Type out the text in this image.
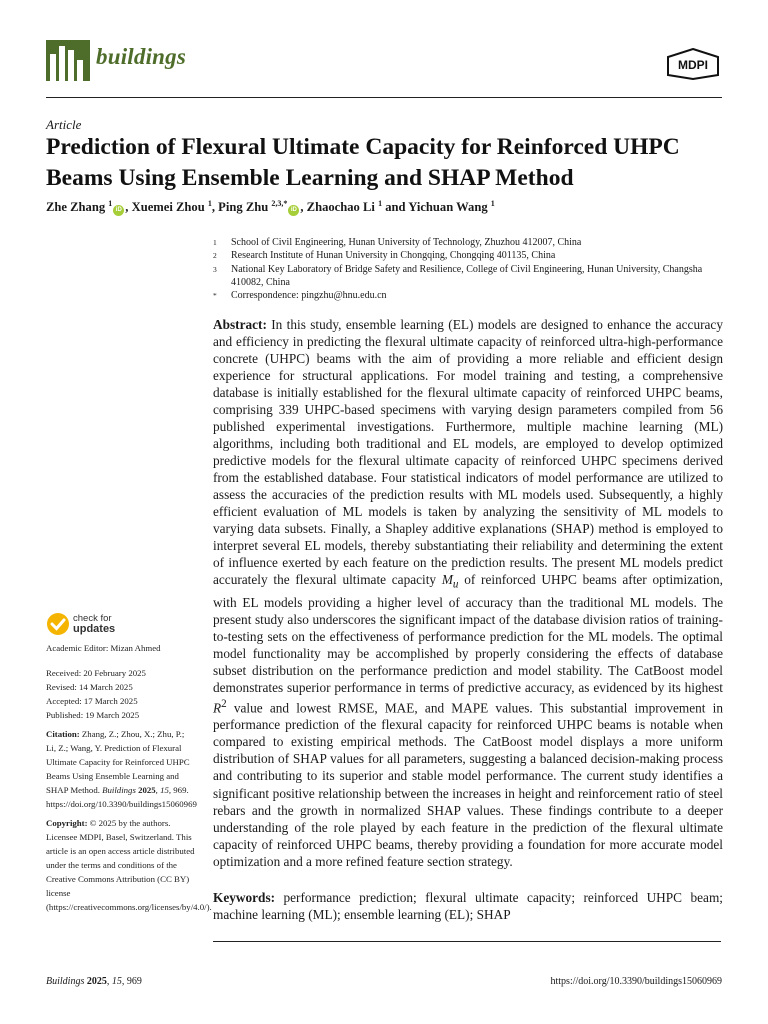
buildings	MDPI
Article
Prediction of Flexural Ultimate Capacity for Reinforced UHPC Beams Using Ensemble Learning and SHAP Method
Zhe Zhang $^1$iD , Xuemei Zhou $^1$, Ping Zhu $^{2,3,*}$iD , Zhaochao Li $^1$ and Yichuan Wang $^1$
1	School of Civil Engineering, Hunan University of Technology, Zhuzhou 412007, China
2	Research Institute of Hunan University in Chongqing, Chongqing 401135, China
3	National Key Laboratory of Bridge Safety and Resilience, College of Civil Engineering, Hunan University, Changsha 410082, China
*	Correspondence: pingzhu@hnu.edu.cn

Abstract: In this study, ensemble learning (EL) models are designed to enhance the accuracy and efficiency in predicting the flexural ultimate capacity of reinforced ultra-high-performance concrete (UHPC) beams with the aim of providing a more reliable and efficient design experience for structural applications. For model training and testing, a comprehensive database is initially established for the flexural ultimate capacity of reinforced UHPC beams, comprising 339 UHPC-based specimens with varying design parameters compiled from 56 published experimental investigations. Furthermore, multiple machine learning (ML) algorithms, including both traditional and EL models, are employed to develop optimized predictive models for the flexural ultimate capacity of reinforced UHPC specimens derived from the established database. Four statistical indicators of model performance are utilized to assess the accuracies of the prediction results with ML models used. Subsequently, a highly efficient evaluation of ML models is taken by analyzing the sensitivity of ML models to varying data subsets. Finally, a Shapley additive explanations (SHAP) method is employed to interpret several EL models, thereby substantiating their reliability and determining the extent of influence exerted by each feature on the prediction results. The present ML models predict accurately the flexural ultimate capacity $M_u$ of reinforced UHPC beams after optimization, with EL models providing a higher level of accuracy than the traditional ML models. The present study also underscores the significant impact of the database division ratios of training-to-testing sets on the effectiveness of performance prediction for the ML models. The optimal model functionality may be accomplished by properly considering the effects of database subset distribution on the performance prediction and model stability. The CatBoost model demonstrates superior performance in terms of predictive accuracy, as evidenced by its highest $R^2$ value and lowest RMSE, MAE, and MAPE values. This substantial improvement in performance prediction of the flexural capacity for reinforced UHPC beams is notable when compared to existing empirical methods. The CatBoost model displays a more uniform distribution of SHAP values for all parameters, suggesting a balanced decision-making process and contributing to its superior and stable model performance. The current study identifies a significant positive relationship between the increases in height and reinforcement ratio of steel rebars and the growth in normalized SHAP values. These findings contribute to a deeper understanding of the role played by each feature in the prediction of the flexural ultimate capacity of reinforced UHPC beams, thereby providing a foundation for more accurate model optimization and a more refined feature section strategy.

Keywords: performance prediction; flexural ultimate capacity; reinforced UHPC beam; machine learning (ML); ensemble learning (EL); SHAP

check for
updates

Academic Editor: Mizan Ahmed

Received: 20 February 2025

Revised: 14 March 2025

Accepted: 17 March 2025

Published: 19 March 2025

Citation: Zhang, Z.; Zhou, X.; Zhu, P.; Li, Z.; Wang, Y. Prediction of Flexural Ultimate Capacity for Reinforced UHPC Beams Using Ensemble Learning and SHAP Method. Buildings 2025, 15, 969. https://doi.org/10.3390/buildings15060969

Copyright: © 2025 by the authors. Licensee MDPI, Basel, Switzerland. This article is an open access article distributed under the terms and conditions of the Creative Commons Attribution (CC BY) license (https://creativecommons.org/licenses/by/4.0/).

Buildings 2025, 15, 969	https://doi.org/10.3390/buildings15060969
